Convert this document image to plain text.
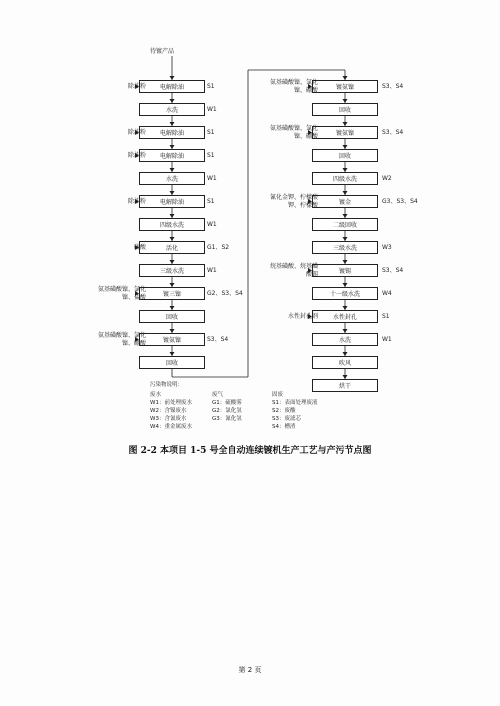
待镀产品
电解除油
除油粉	S1
水洗	W1
电解除油
除油粉	S1
电解除油
除油粉	S1
水洗	W1
电解除油
除油粉	S1
四级水洗	W1
活化
硫酸	G1、S2
三级水洗	W1
镀三镍
氨基磺酸镍、氯化镍、盐酸
G2、S3、S4
回收
镀氨镍
氨基磺酸镍、氯化镍、硼酸
S3、S4
回收
镀氨镍
氨基磺酸镍、氯化镍、硼酸
S3、S4
回收
镀氨镍
氨基磺酸镍、氯化镍、硼酸
S3、S4
回收
四级水洗	W2
镀金
氰化金钾、柠檬酸钾、柠檬酸
G3、S3、S4
二级回收
三级水洗	W3
镀锡
烷基磺酸、烷基磺酸锡
S3、S4
十一级水洗	W4
水性封孔
水性封孔剂	S1
水洗	W1
吹风
烘干
污染物说明：
废水
W1：前处理废水
W2：含镍废水
W3：含氰废水
W4：重金属废水
废气
G1：硫酸雾
G2：氯化氢
G3：氰化氢
固废
S1：表面处理废液
S2：废酸
S3：废滤芯
S4：槽渣
图 2-2 本项目 1-5 号全自动连续镀机生产工艺与产污节点图
第 2 页
